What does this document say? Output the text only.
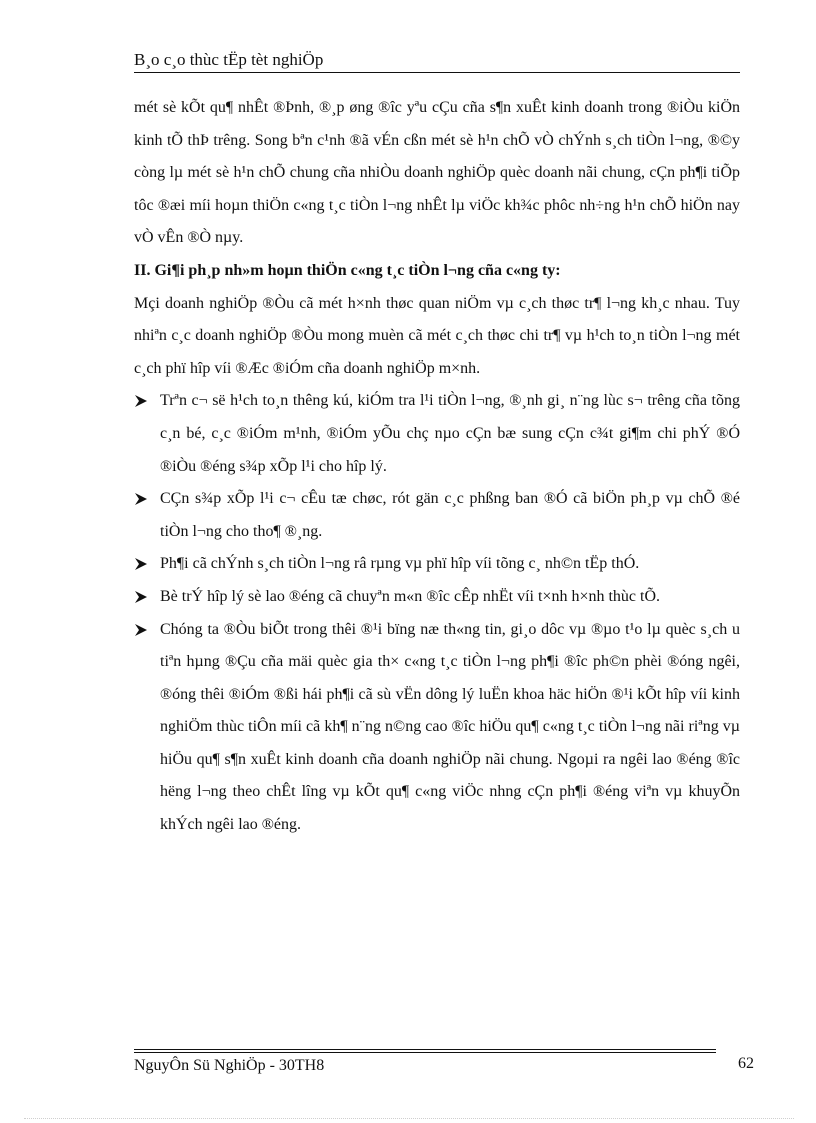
B¸o c¸o thùc tËp tèt nghiÖp

mét sè kÕt qu¶ nhÊt ®Þnh, ®¸p øng ®îc yªu cÇu cña s¶n xuÊt kinh doanh trong ®iÒu kiÖn kinh tÕ thÞ trêng. Song bªn c¹nh ®ã vÉn cßn mét sè h¹n chÕ vÒ chÝnh s¸ch tiÒn l¬ng, ®©y còng lµ mét sè h¹n chÕ chung cña nhiÒu doanh nghiÖp quèc doanh nãi chung, cÇn ph¶i tiÕp tôc ®æi míi hoµn thiÖn c«ng t¸c tiÒn l¬ng nhÊt lµ viÖc kh¾c phôc nh÷ng h¹n chÕ hiÖn nay vÒ vÊn ®Ò nµy.

II. Gi¶i ph¸p nh»m hoµn thiÖn c«ng t¸c tiÒn l¬ng cña c«ng ty:

Mçi doanh nghiÖp ®Òu cã mét h×nh thøc quan niÖm vµ c¸ch thøc tr¶ l¬ng kh¸c nhau. Tuy nhiªn c¸c doanh nghiÖp ®Òu mong muèn cã mét c¸ch thøc chi tr¶ vµ h¹ch to¸n tiÒn l¬ng mét c¸ch phï hîp víi ®Æc ®iÓm cña doanh nghiÖp m×nh.

Trªn c¬ së h¹ch to¸n thêng kú, kiÓm tra l¹i tiÒn l¬ng, ®¸nh gi¸ n¨ng lùc s¬ trêng cña tõng c¸n bé, c¸c ®iÓm m¹nh, ®iÓm yÕu chç nµo cÇn bæ sung cÇn c¾t gi¶m chi phÝ ®Ó ®iÒu ®éng s¾p xÕp l¹i cho hîp lý.
CÇn s¾p xÕp l¹i c¬ cÊu tæ chøc, rót gän c¸c phßng ban ®Ó cã biÖn ph¸p vµ chÕ ®é tiÒn l¬ng cho tho¶ ®¸ng.
Ph¶i cã chÝnh s¸ch tiÒn l¬ng râ rµng vµ phï hîp víi tõng c¸ nh©n tËp thÓ.
Bè trÝ hîp lý sè lao ®éng cã chuyªn m«n ®îc cÊp nhËt víi t×nh h×nh thùc tÕ.
Chóng ta ®Òu biÕt trong thêi ®¹i bïng næ th«ng tin, gi¸o dôc vµ ®µo t¹o lµ quèc s¸ch u tiªn hµng ®Çu cña mäi quèc gia th× c«ng t¸c tiÒn l¬ng ph¶i ®îc ph©n phèi ®óng ngêi, ®óng thêi ®iÓm ®ßi hái ph¶i cã sù vËn dông lý luËn khoa häc hiÖn ®¹i kÕt hîp víi kinh nghiÖm thùc tiÔn míi cã kh¶ n¨ng n©ng cao ®îc hiÖu qu¶ c«ng t¸c tiÒn l¬ng nãi riªng vµ hiÖu qu¶ s¶n xuÊt kinh doanh cña doanh nghiÖp nãi chung. Ngoµi ra ngêi lao ®éng ®îc hëng l¬ng theo chÊt lîng vµ kÕt qu¶ c«ng viÖc nhng cÇn ph¶i ®éng viªn vµ khuyÕn khÝch ngêi lao ®éng.
NguyÔn Sü NghiÖp - 30TH8	62
